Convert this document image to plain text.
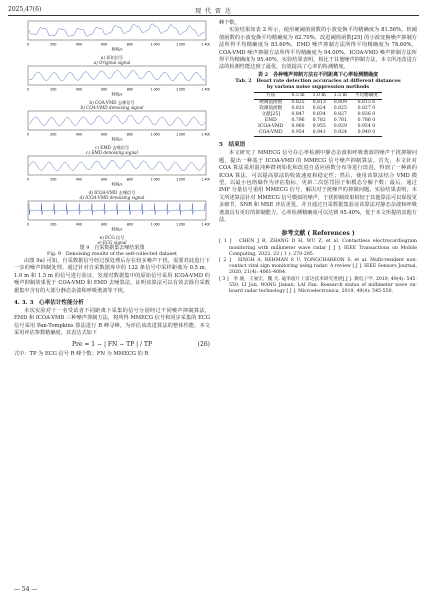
2025,47(6)	现 代 雷 达
0	200	400	600	800	1 000	1 200	1 400
时间/s
a) 原始信号
a) Original signal
0	200	400	600	800	1 000	1 200	1 400
时间/s
b) COA-VMD 去噪信号
b) COA-VMD denoising signal
0	200	400	600	800	1 000	1 200	1 400
时间/s
c) EMD 去噪信号
c) EMD denoising signal
0	200	400	600	800	1 000	1 200	1 400
时间/s
d) ICOA-VMD 去噪信号
d) ICOA-VMD denoising signal
0	200	400	600	800	1 000	1 200	1 400
时间/s
e) ECG 信号
e) ECG signal
图 9　自采数据集去噪结果图
Fig. 9　Denoising results of the self-collected dataset

由图 9a) 可知，自采数据信号经过预处理后存在较多噪声干扰，需要对此进行下一步的噪声抑制处理。通过针对自采数据库中的 132 条信号中采样距离为 0.5 m、1.0 m 和 1.5 m 的信号进行验证，发现对数据集中的原始信号采用 ICOA-VMD 的噪声抑制效果优于 COA-VMD 和 EMD 去噪算法，证明该算法可以有效去除自采数据集中含有的大部分静态杂波和呼吸谐波等干扰。

4. 3. 3　心率估计性能分析

本次实验对十一名受试者不同距离下采集的信号分别经过不同噪声抑制算法，EMD 和 ICOA-VMD 三种噪声抑制方法，将所得 MMECG 信号和同步采集的 ECG 信号采用 Pan-Tompkins 算法进行 R 峰寻峰，为评估该改进算法的整体性能，本文采用评估参数精确度，其表达式如下

Pre = 1 − | FN − TP | / TP	(26)

式中：TP 为 ECG 信号 R 峰个数；FN 为 MMECG 的 R

峰个数。

实验结果如表 2 所示，使用硬阈值函数的小波变换平均精确度为 81.56%，软阈值函数的小波变换平均精确度为 82.70%，改进阈值函数[25] 的小波变换噪声抑制方法所得平均精确度为 83.60%，EMD 噪声抑制方法所得平均精确度为 78.60%，COA-VMD 噪声抑制方法所得平均精确度为 94.00%，ICOA-VMD 噪声抑制方法所得平均精确度为 95.40%。实验结果表明，相比于其他噪声抑制方法，本文所还改进方法的检测性能达到了最优，有效提高了心率的检测精度。

表 2　各种噪声抑制方法在不同距离下心率检测精确度
Tab. 2　Heart rate detection accuracies at different distances
by various noise suppression methods
方法	0.5 m	1.0 m	1.5 m	平均精确度
硬阈值函数	0.825	0.813	0.809	0.815 6
软阈值函数	0.831	0.824	0.825	0.827 0
文献[25]	0.847	0.834	0.827	0.836 0
EMD	0.796	0.782	0.781	0.786 0
ICOA-VMD	0.969	0.955	0.929	0.954 0
COA-VMD	0.954	0.941	0.924	0.940 0
5　结束语

本文研究了 MMECG 信号在心率检测中静态杂波和呼吸谐波的噪声干扰抑制问题，提出一种基于 ICOA-VMD 的 MMECG 信号噪声抑制算法。首先，本文针对 COA 算法采用混沌种群初始化和改进自适应函数分布等进行改进，得到了一种新的 ICOA 算法，可以提高算法的收敛速度和稳定性；然后，使用该算法结合 VMD 模型，以最小包络熵作为评估指标，更新二次惩罚因子和模态分解个数；最后，通过 IMF 分量信号重组 MMECG 信号，解决对于扰噪声的抑制问题。实验结果表明，本文所述算法针对 MMECG 信号模拟的噪声，于扰抑制效果相较于其他算法可以保留更多细节，SNR 和 MSE 评估更优，并且通过自采数据集验证该算法对静态杂波和呼吸谐波具有更好的抑制能力，心率检测精确度可以达到 95.40%，优于本文所提的其他方法。

参考文献 ( References )

[ 1 ]　CHEN J B, ZHANG D H, WU Z, et al. Contactless electrocardiogram monitoring with millimeter wave radar [ J ]. IEEE Transactions on Mobile Computing, 2022, 23 ( 1 ): 270-285.

[ 2 ]　SINGH A, REHMAN S U, YONGCHAREON S, et al. Multi-resident non-contact vital sign monitoring using radar: A review [ J ]. IEEE Sensors Journal, 2020, 21(4): 4061-4084.

[ 3 ]　李 骏，王豪宏，魏 凡. 毫米波片上雷达技术研究进展[ J ]. 微电子学, 2019, 49(4): 545-550. LI Jun, WANG Jianan, LAI Fan. Research status of millimeter wave on-board radar technology [ J ]. Microelectronica, 2019, 49(4): 545-550.

— 54 —
